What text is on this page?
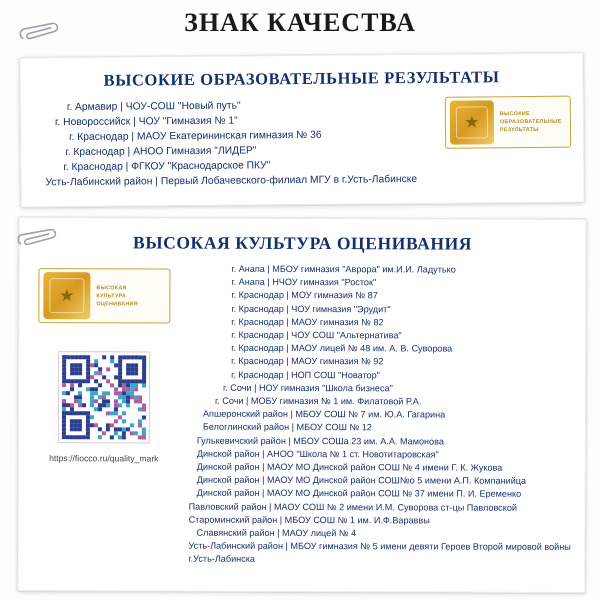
ЗНАК КАЧЕСТВА
ВЫСОКИЕ ОБРАЗОВАТЕЛЬНЫЕ РЕЗУЛЬТАТЫ
г. Армавир | ЧОУ-СОШ "Новый путь"
г. Новороссийск | ЧОУ "Гимназия № 1"
г. Краснодар | МАОУ Екатерининская гимназия № 36
г. Краснодар | АНОО Гимназия "ЛИДЕР"
г. Краснодар | ФГКОУ "Краснодарское ПКУ"
Усть-Лабинский район | Первый Лобачевского-филиал МГУ в г.Усть-Лабинске
★	ВЫСОКИЕ
ОБРАЗОВАТЕЛЬНЫЕ
РЕЗУЛЬТАТЫ
ВЫСОКАЯ КУЛЬТУРА ОЦЕНИВАНИЯ
★	ВЫСОКАЯ
КУЛЬТУРА
ОЦЕНИВАНИЯ
https://fiocco.ru/quality_mark
г. Анапа | МБОУ гимназия "Аврора" им.И.И. Ладутько
г. Анапа | НЧОУ гимназия "Росток"
г. Краснодар | МОУ гимназия № 87
г. Краснодар | ЧОУ гимназия "Эрудит"
г. Краснодар | МАОУ гимназия № 82
г. Краснодар | ЧОУ СОШ "Альтернатива"
г. Краснодар | МАОУ лицей № 48 им. А. В. Суворова
г. Краснодар | МАОУ гимназия № 92
г. Краснодар | НОП СОШ "Новатор"
г. Сочи | НОУ гимназия "Школа бизнеса"
г. Сочи | МОБУ гимназия № 1 им. Филатовой Р.А.
Апшеронский район | МБОУ СОШ № 7 им. Ю.А. Гагарина
Белоглинский район | МБОУ СОШ № 12
Гулькевичский район | МБОУ СОШа 23 им. А.А. Мамонова
Динской район | АНОО "Школа № 1 ст. Новотитаровская"
Динской район | МАОУ МО Динской район СОШ № 4 имени Г. К. Жукова
Динской район | МАОУ МО Динской район СОШ№о 5 имени А.П. Компанийца
Динской район | МАОУ МО Динской район СОШ № 37 имени П. И. Еременко
Павловский район | МАОУ СОШ № 2 имени И.М. Суворова ст-цы Павловской
Староминский район | МБОУ СОШ № 1 им. И.Ф.Вараввы
Славянский район | МАОУ лицей № 4
Усть-Лабинский район | МБОУ гимназия № 5 имени девяти Героев Второй мировой войны г.Усть-Лабинска
